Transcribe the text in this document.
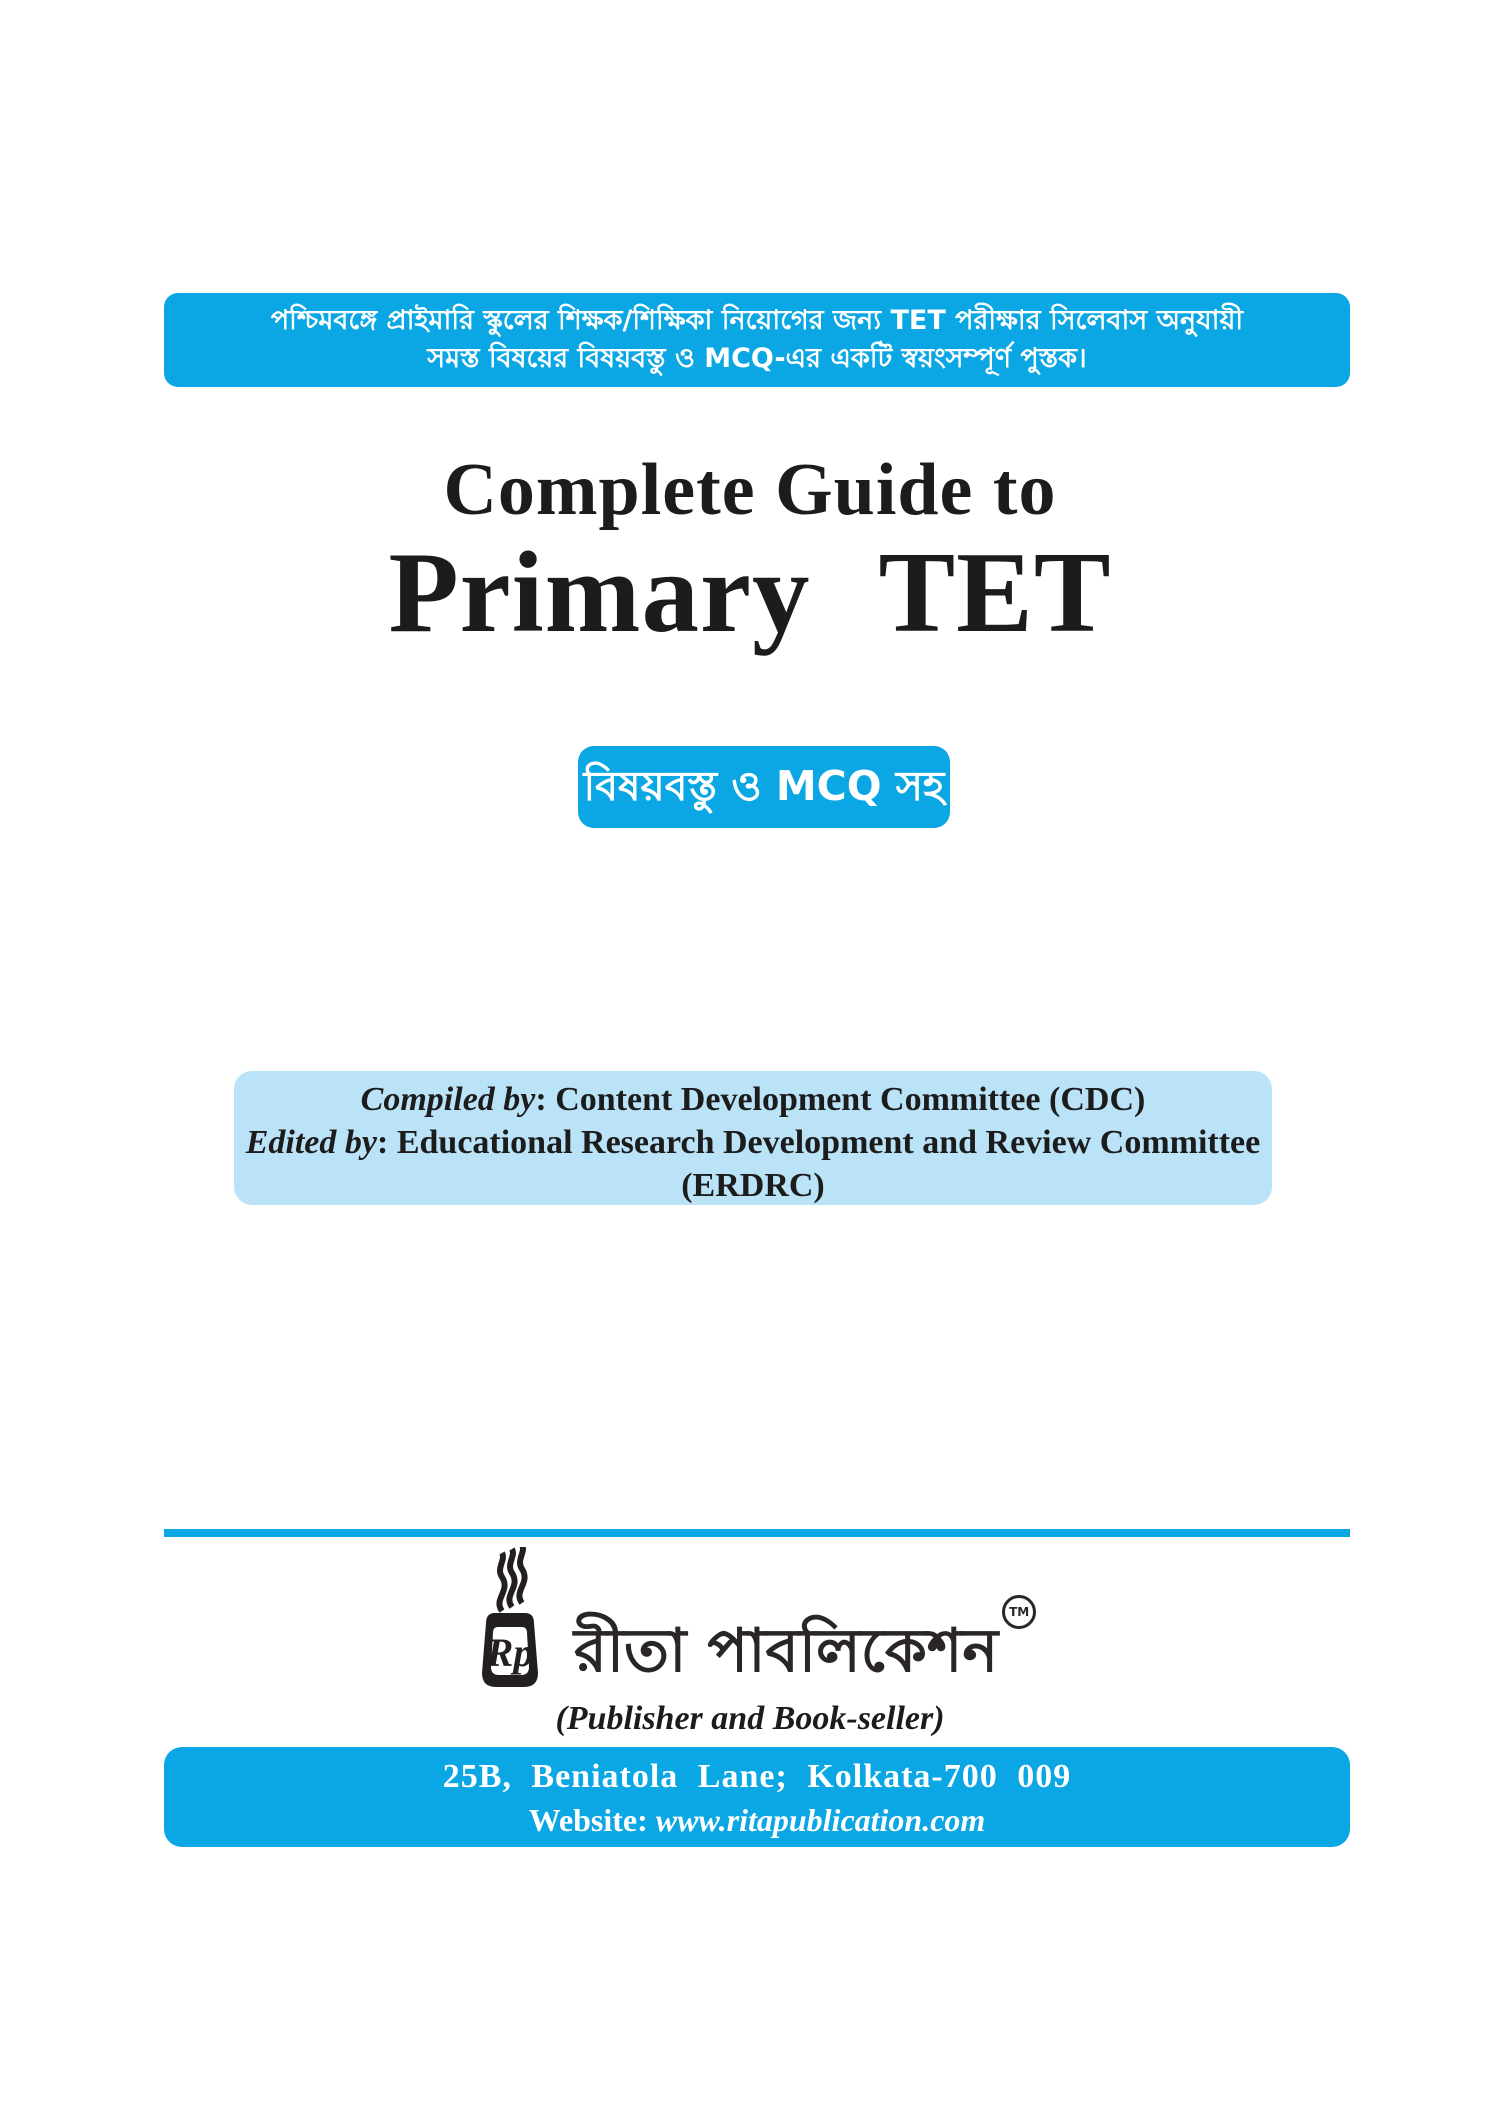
পশ্চিমবঙ্গে প্রাইমারি স্কুলের শিক্ষক/শিক্ষিকা নিয়োগের জন্য TET পরীক্ষার সিলেবাস অনুযায়ী
সমস্ত বিষয়ের বিষয়বস্তু ও MCQ-এর একটি স্বয়ংসম্পূর্ণ পুস্তক।
Complete Guide to
Primary TET
বিষয়বস্তু ও MCQ সহ
Compiled by: Content Development Committee (CDC)
Edited by: Educational Research Development and Review Committee
(ERDRC)
Rp রীতা পাবলিকেশনTM
(Publisher and Book-seller)
25B, Beniatola Lane; Kolkata-700 009
Website: www.ritapublication.com
